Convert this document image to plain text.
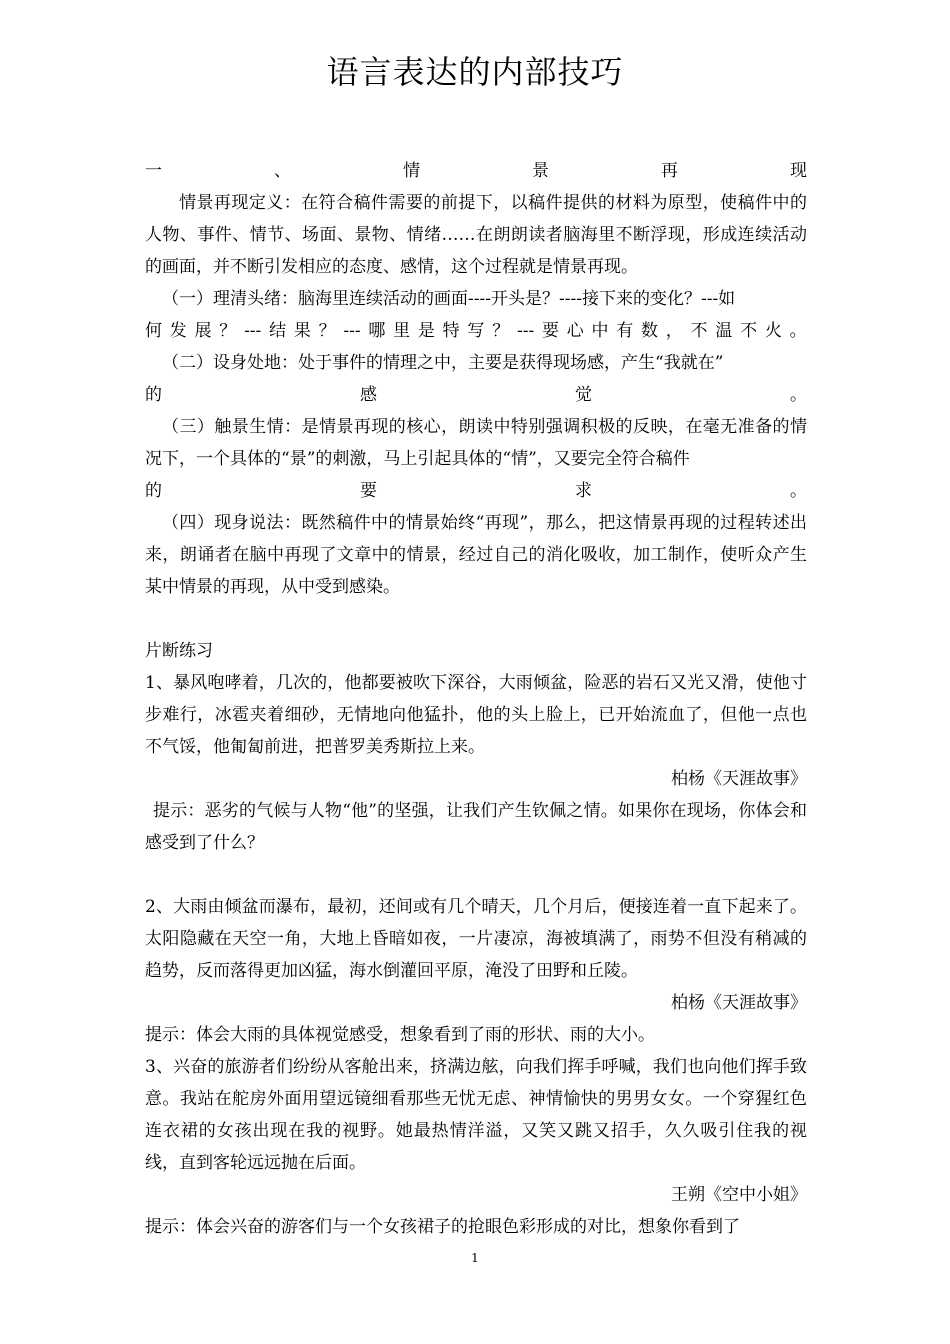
语言表达的内部技巧

一	、	情	景	再	现

情景再现定义：在符合稿件需要的前提下，以稿件提供的材料为原型，使稿件中的人物、事件、情节、场面、景物、情绪……在朗朗读者脑海里不断浮现，形成连续活动的画面，并不断引发相应的态度、感情，这个过程就是情景再现。

（一）理清头绪：脑海里连续活动的画面----开头是？----接下来的变化？---如

何 发 展 ？ --- 结 果 ？ --- 哪 里 是 特 写 ？ --- 要 心 中 有 数 ， 不 温 不 火 。

（二）设身处地：处于事件的情理之中，主要是获得现场感，产生“我就在”

的	感	觉	。

（三）触景生情：是情景再现的核心，朗读中特别强调积极的反映，在毫无准备的情况下，一个具体的“景”的刺激，马上引起具体的“情”，又要完全符合稿件

的	要	求	。

（四）现身说法：既然稿件中的情景始终“再现”，那么，把这情景再现的过程转述出来，朗诵者在脑中再现了文章中的情景，经过自己的消化吸收，加工制作，使听众产生某中情景的再现，从中受到感染。

片断练习

1、暴风咆哮着，几次的，他都要被吹下深谷，大雨倾盆，险恶的岩石又光又滑，使他寸步难行，冰雹夹着细砂，无情地向他猛扑，他的头上脸上，已开始流血了，但他一点也不气馁，他匍匐前进，把普罗美秀斯拉上来。

柏杨《天涯故事》

提示：恶劣的气候与人物“他”的坚强，让我们产生钦佩之情。如果你在现场，你体会和感受到了什么？

2、大雨由倾盆而瀑布，最初，还间或有几个晴天，几个月后，便接连着一直下起来了。太阳隐藏在天空一角，大地上昏暗如夜，一片凄凉，海被填满了，雨势不但没有稍减的趋势，反而落得更加凶猛，海水倒灌回平原，淹没了田野和丘陵。

柏杨《天涯故事》

提示：体会大雨的具体视觉感受，想象看到了雨的形状、雨的大小。

3、兴奋的旅游者们纷纷从客舱出来，挤满边舷，向我们挥手呼喊，我们也向他们挥手致意。我站在舵房外面用望远镜细看那些无忧无虑、神情愉快的男男女女。一个穿猩红色连衣裙的女孩出现在我的视野。她最热情洋溢，又笑又跳又招手，久久吸引住我的视线，直到客轮远远抛在后面。

王朔《空中小姐》

提示：体会兴奋的游客们与一个女孩裙子的抢眼色彩形成的对比，想象你看到了

1
